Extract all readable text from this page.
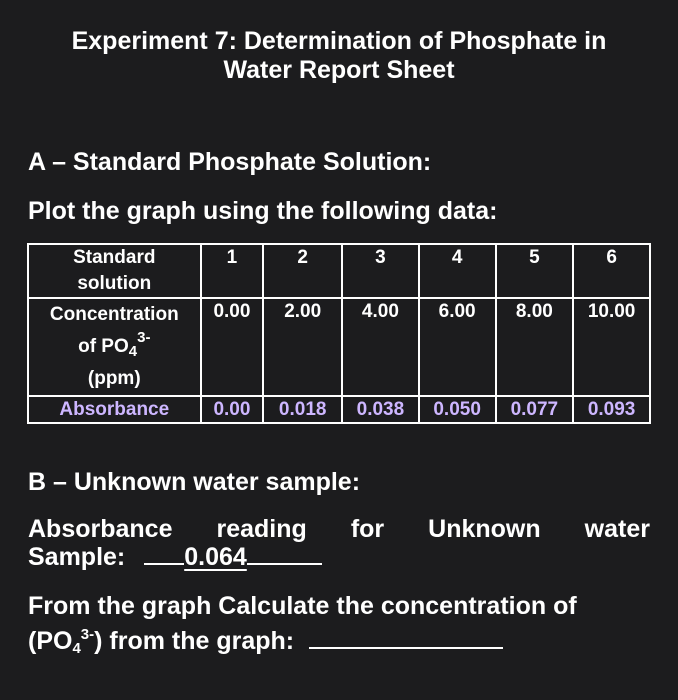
Experiment 7: Determination of Phosphate in
Water Report Sheet
A – Standard Phosphate Solution:
Plot the graph using the following data:
Standard
solution	1	2	3	4	5	6
Concentration
of $PO_4^{3-}$
(ppm)	0.00	2.00	4.00	6.00	8.00	10.00
Absorbance	0.00	0.018	0.038	0.050	0.077	0.093
B – Unknown water sample:
Absorbance reading for Unknown water
Sample: 0.064
From the graph Calculate the concentration of
$(PO_4^{3-})$ from the graph:
